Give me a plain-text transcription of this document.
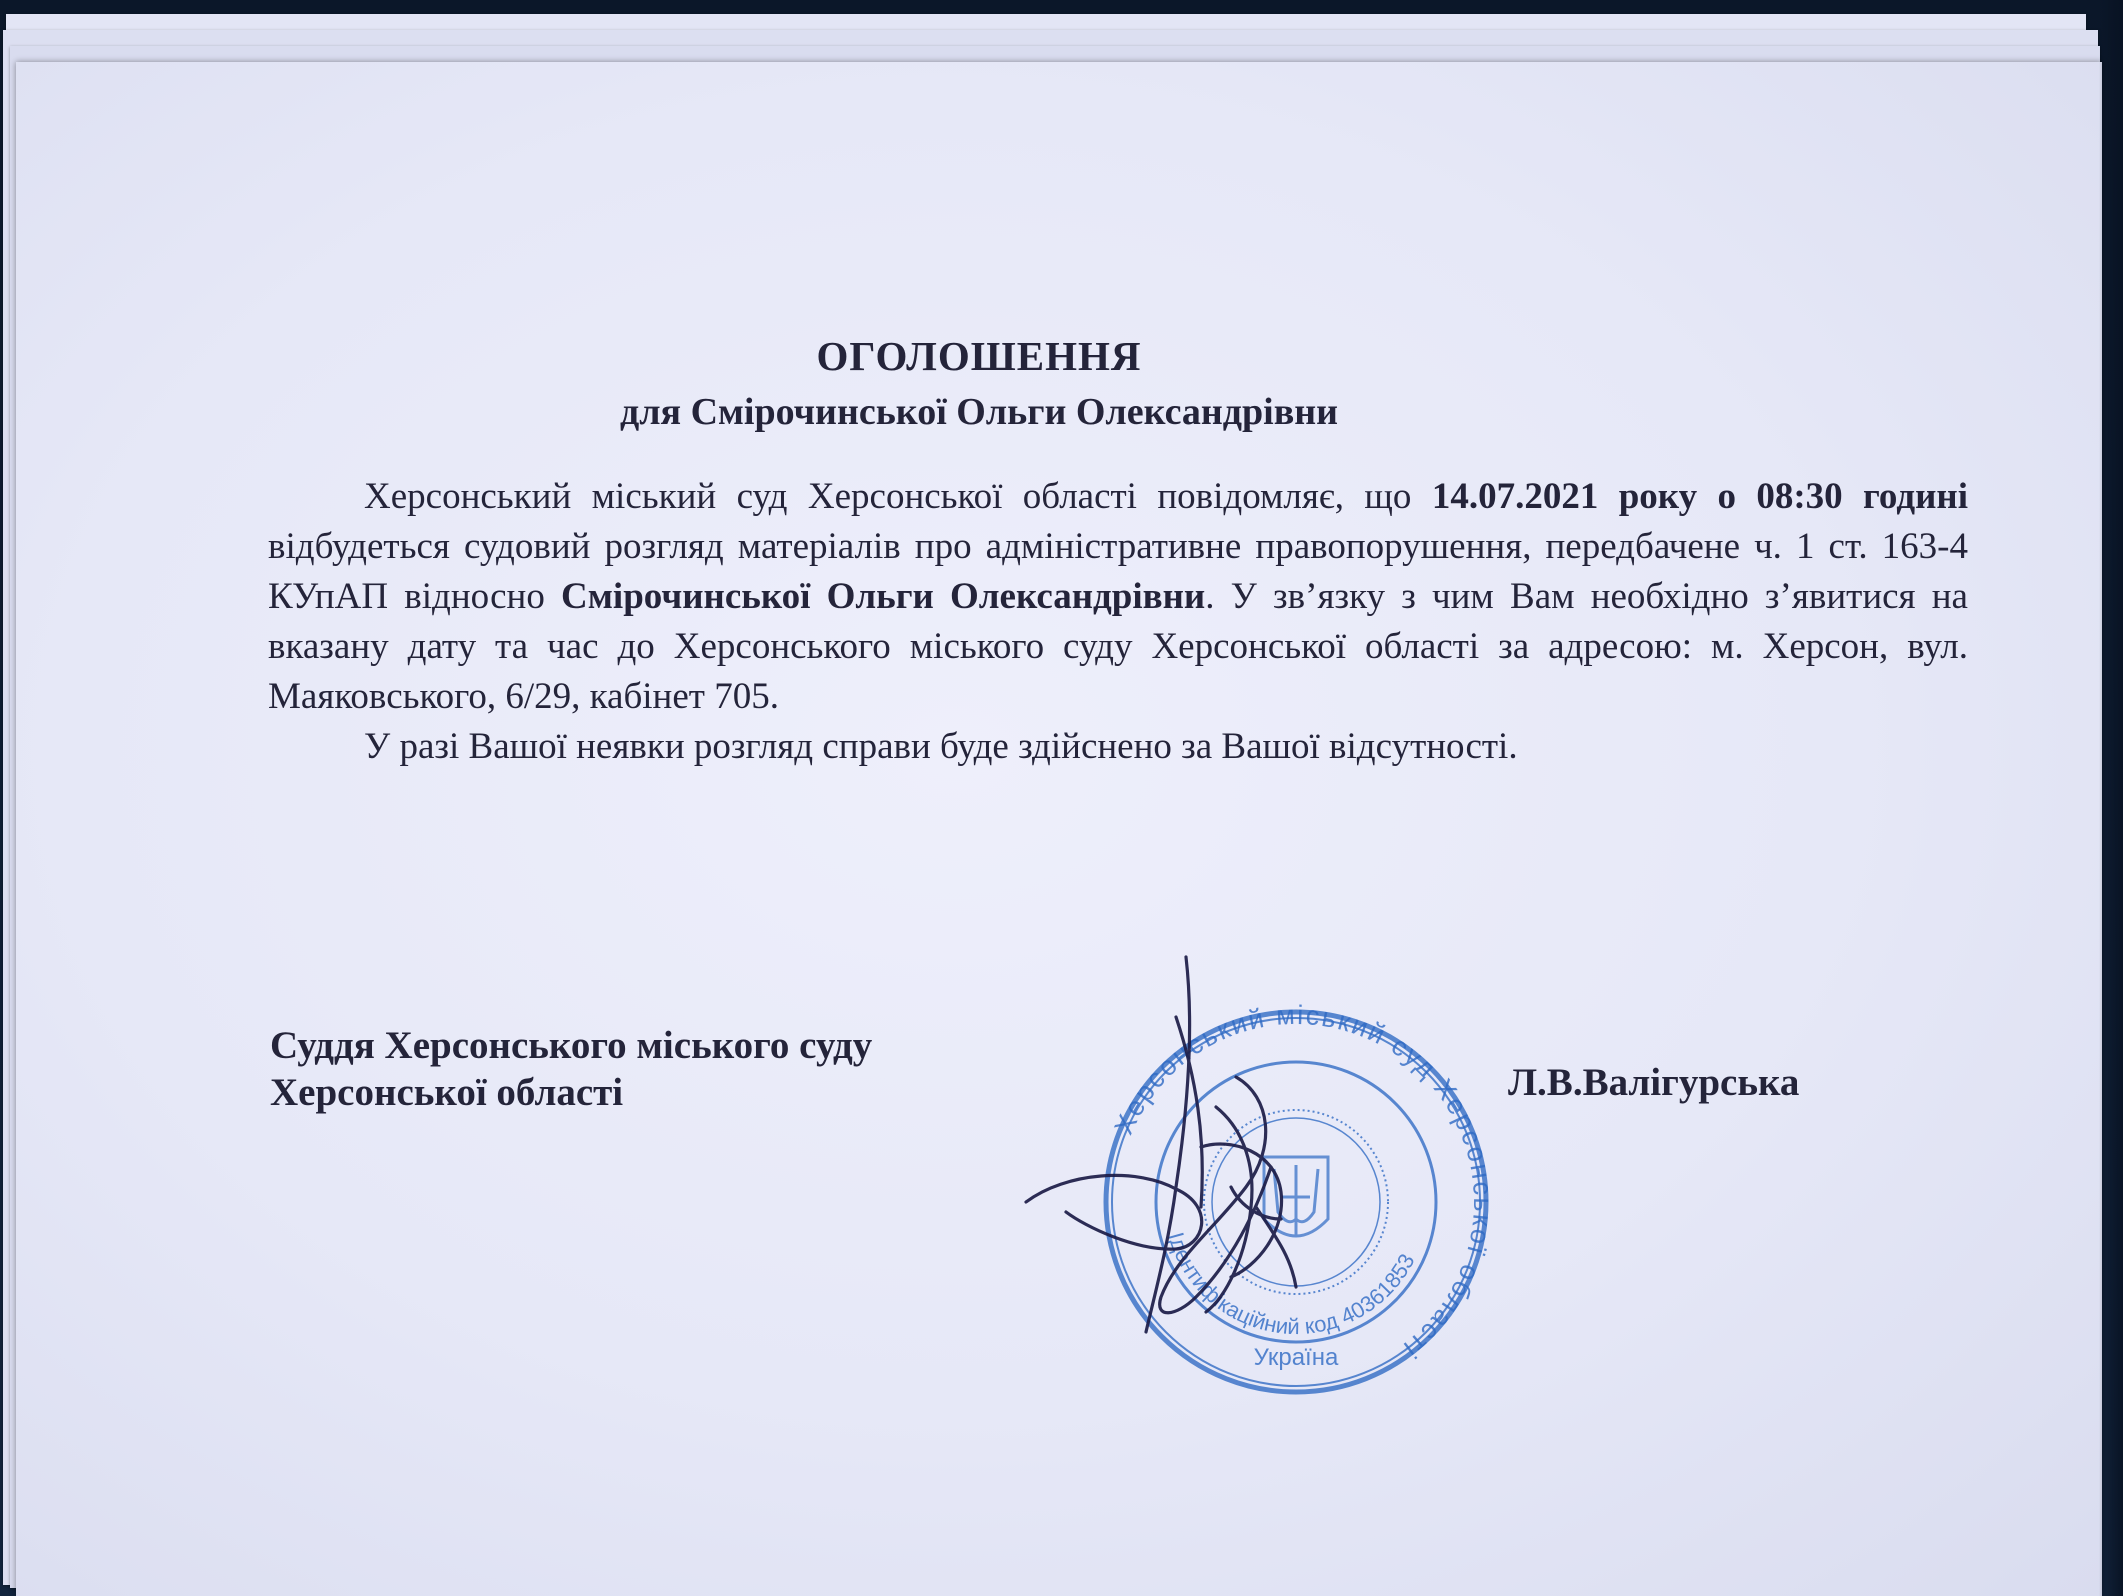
ОГОЛОШЕННЯ
для Смірочинської Ольги Олександрівни

Херсонський міський суд Херсонської області повідомляє, що 14.07.2021 року о 08:30 годині відбудеться судовий розгляд матеріалів про адміністративне правопорушення, передбачене ч. 1 ст. 163-4 КУпАП відносно Смірочинської Ольги Олександрівни. У зв’язку з чим Вам необхідно з’явитися на вказану дату та час до Херсонського міського суду Херсонської області за адресою: м. Херсон, вул. Маяковського, 6/29, кабінет 705.

У разі Вашої неявки розгляд справи буде здійснено за Вашої відсутності.

Суддя Херсонського міського суду
Херсонської області	Л.В.Валігурська
Херсонський міський суд Херсонської області
Ідентифікаційний код 40361853
Україна
